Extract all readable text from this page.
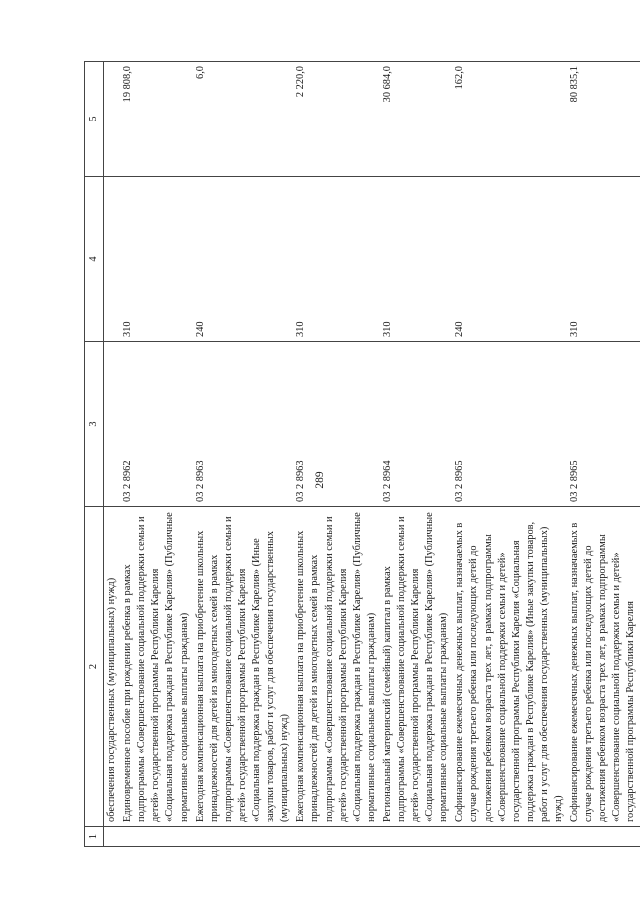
289
1	2	3	4	5
	обеспечения государственных (муниципальных) нужд)			
	Единовременное пособие при рождении ребенка в рамках подпрограммы «Совершенствование социальной поддержки семьи и детей» государственной программы Республики Карелия «Социальная поддержка граждан в Республике Карелия» (Публичные нормативные социальные выплаты гражданам)	03 2 8962	310	19 808,0
	Ежегодная компенсационная выплата на приобретение школьных принадлежностей для детей из многодетных семей в рамках подпрограммы «Совершенствование социальной поддержки семьи и детей» государственной программы Республики Карелия «Социальная поддержка граждан в Республике Карелия» (Иные закупки товаров, работ и услуг для обеспечения государственных (муниципальных) нужд)	03 2 8963	240	6,0
	Ежегодная компенсационная выплата на приобретение школьных принадлежностей для детей из многодетных семей в рамках подпрограммы «Совершенствование социальной поддержки семьи и детей» государственной программы Республики Карелия «Социальная поддержка граждан в Республике Карелия» (Публичные нормативные социальные выплаты гражданам)	03 2 8963	310	2 220,0
	Региональный материнский (семейный) капитал в рамках подпрограммы «Совершенствование социальной поддержки семьи и детей» государственной программы Республики Карелия «Социальная поддержка граждан в Республике Карелия» (Публичные нормативные социальные выплаты гражданам)	03 2 8964	310	30 684,0
	Софинансирование ежемесячных денежных выплат, назначаемых в случае рождения третьего ребенка или последующих детей до достижения ребенком возраста трех лет, в рамках подпрограммы «Совершенствование социальной поддержки семьи и детей» государственной программы Республики Карелия «Социальная поддержка граждан в Республике Карелия» (Иные закупки товаров, работ и услуг для обеспечения государственных (муниципальных) нужд)	03 2 8965	240	162,0
	Софинансирование ежемесячных денежных выплат, назначаемых в случае рождения третьего ребенка или последующих детей до достижения ребенком возраста трех лет, в рамках подпрограммы «Совершенствование социальной поддержки семьи и детей» государственной программы Республики Карелия	03 2 8965	310	80 835,1
